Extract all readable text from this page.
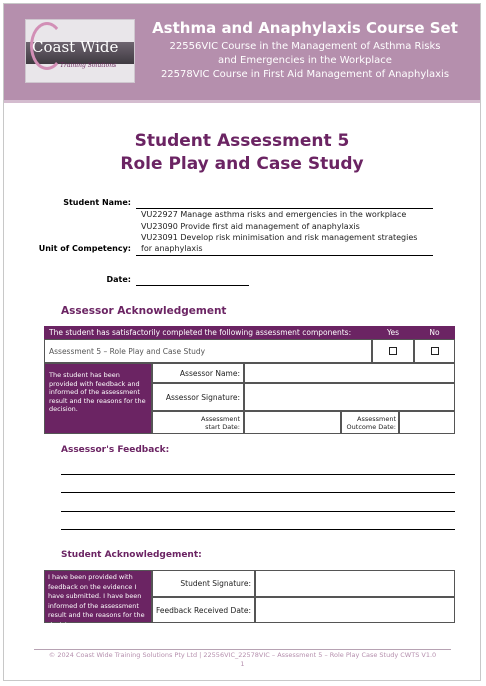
Coast Wide
Training Solutions
Asthma and Anaphylaxis Course Set
22556VIC Course in the Management of Asthma Risks
and Emergencies in the Workplace
22578VIC Course in First Aid Management of Anaphylaxis
Student Assessment 5
Role Play and Case Study
Student Name:
VU22927 Manage asthma risks and emergencies in the workplace
VU23090 Provide first aid management of anaphylaxis
VU23091 Develop risk minimisation and risk management strategies
for anaphylaxis
Unit of Competency:
Date:
Assessor Acknowledgement
The student has satisfactorily completed the following assessment components:	Yes	No
Assessment 5 – Role Play and Case Study
The student has been provided with feedback and informed of the assessment result and the reasons for the decision.
Assessor Name:
Assessor Signature:
Assessment
start Date:
Assessment
Outcome Date:
Assessor's Feedback:
Student Acknowledgement:
I have been provided with feedback on the evidence I have submitted. I have been informed of the assessment result and the reasons for the decision.
Student Signature:
Feedback Received Date:
© 2024 Coast Wide Training Solutions Pty Ltd | 22556VIC_22578VIC – Assessment 5 – Role Play Case Study CWTS V1.0
1
